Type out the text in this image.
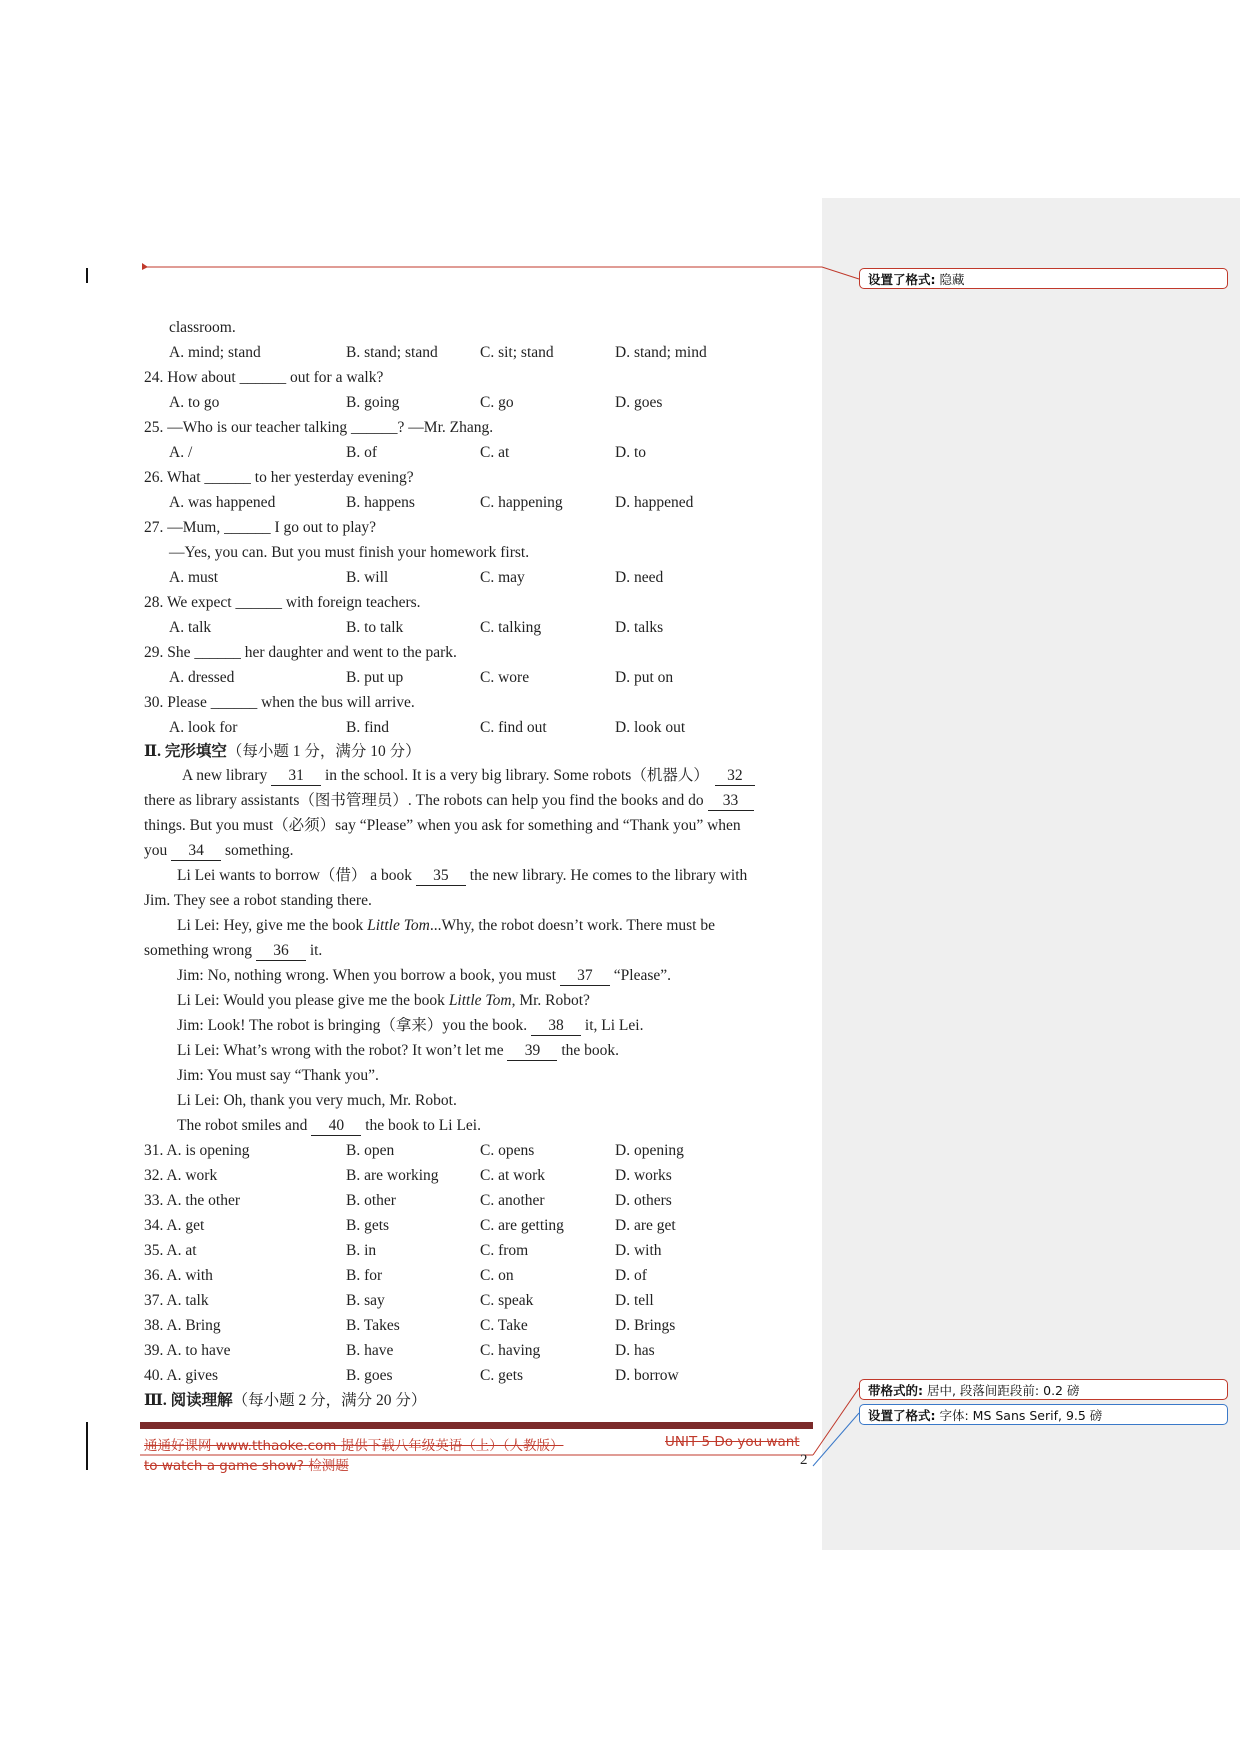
设置了格式: 隐藏
带格式的: 居中, 段落间距段前: 0.2 磅
设置了格式: 字体: MS Sans Serif, 9.5 磅
classroom.
A. mind; stand	B. stand; stand	C. sit; stand	D. stand; mind
24. How about ______ out for a walk?
A. to go	B. going	C. go	D. goes
25. —Who is our teacher talking ______? —Mr. Zhang.
A. /	B. of	C. at	D. to
26. What ______ to her yesterday evening?
A. was happened	B. happens	C. happening	D. happened
27. —Mum, ______ I go out to play?
—Yes, you can. But you must finish your homework first.
A. must	B. will	C. may	D. need
28. We expect ______ with foreign teachers.
A. talk	B. to talk	C. talking	D. talks
29. She ______ her daughter and went to the park.
A. dressed	B. put up	C. wore	D. put on
30. Please ______ when the bus will arrive.
A. look for	B. find	C. find out	D. look out
Ⅱ. 完形填空（每小题 1 分，满分 10 分）
A new library 31 in the school. It is a very big library. Some robots（机器人） 32
there as library assistants（图书管理员）. The robots can help you find the books and do 33
things. But you must（必须）say “Please” when you ask for something and “Thank you” when
you 34 something.
Li Lei wants to borrow（借） a book 35 the new library. He comes to the library with
Jim. They see a robot standing there.
Li Lei: Hey, give me the book Little Tom...Why, the robot doesn’t work. There must be
something wrong 36 it.
Jim: No, nothing wrong. When you borrow a book, you must 37 “Please”.
Li Lei: Would you please give me the book Little Tom, Mr. Robot?
Jim: Look! The robot is bringing（拿来）you the book. 38 it, Li Lei.
Li Lei: What’s wrong with the robot? It won’t let me 39 the book.
Jim: You must say “Thank you”.
Li Lei: Oh, thank you very much, Mr. Robot.
The robot smiles and 40 the book to Li Lei.
31. A. is opening	B. open	C. opens	D. opening
32. A. work	B. are working	C. at work	D. works
33. A. the other	B. other	C. another	D. others
34. A. get	B. gets	C. are getting	D. are get
35. A. at	B. in	C. from	D. with
36. A. with	B. for	C. on	D. of
37. A. talk	B. say	C. speak	D. tell
38. A. Bring	B. Takes	C. Take	D. Brings
39. A. to have	B. have	C. having	D. has
40. A. gives	B. goes	C. gets	D. borrow
Ⅲ. 阅读理解（每小题 2 分，满分 20 分）
通通好课网 www.tthaoke.com 提供下载八年级英语（上）（人教版）	UNIT 5 Do you want
to watch a game show? 检测题	2
